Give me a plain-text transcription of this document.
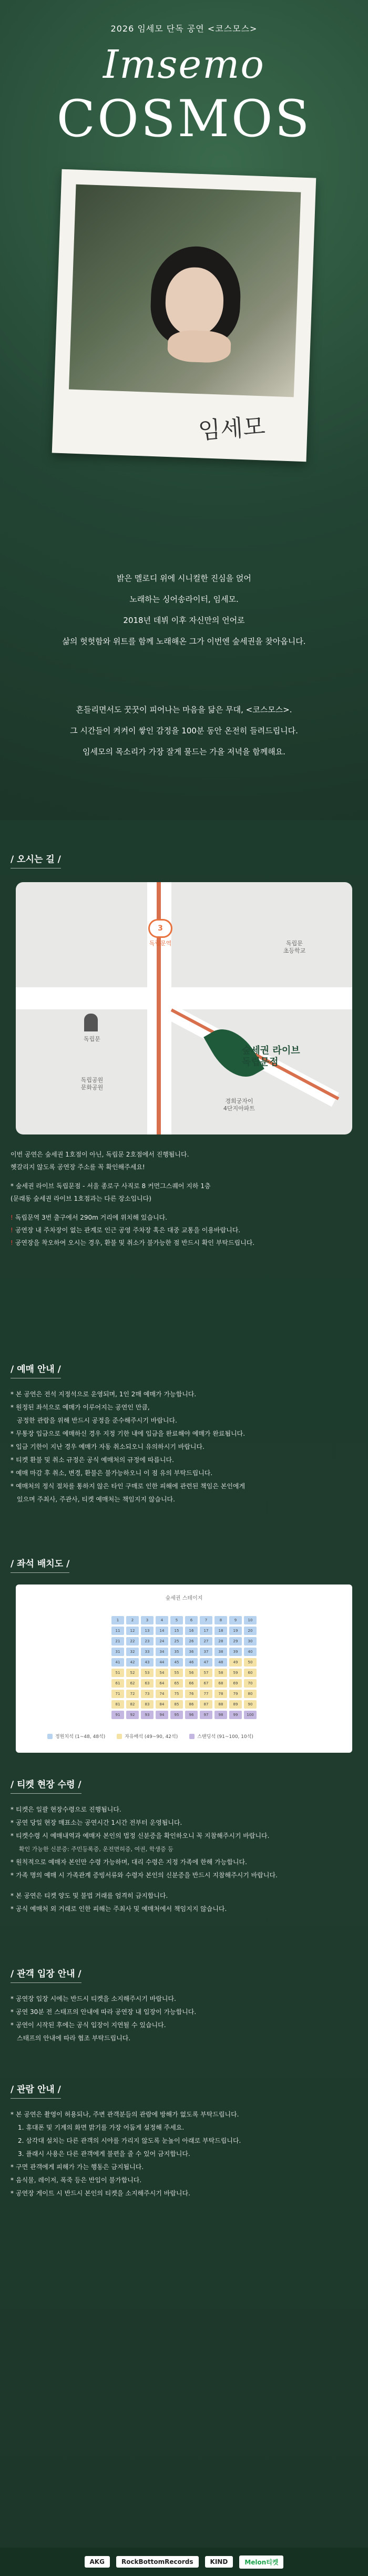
2026 임세모 단독 공연 <코스모스>
Imsemo
COSMOS
임세모
밝은 멜로디 위에 시니컬한 진심을 얹어
노래하는 싱어송라이터, 임세모.
2018년 데뷔 이후 자신만의 언어로
삶의 헛헛함와 위트를 함께 노래해온 그가 이번엔 숲세권을 찾아옵니다.
흔들리면서도 꿋꿋이 피어나는 마음을 닮은 무대, <코스모스>.
그 시간들이 켜켜이 쌓인 감정을 100분 동안 온전히 들려드립니다.
임세모의 목소리가 가장 잘게 물드는 가을 저녁을 함께해요.
/ 오시는 길 /
3
독립문역
독립문
독립공원
문화공원
독립문
초등학교
경희궁자이
4단지아파트
숲세권 라이브
독립문점
이번 공연은 숲세권 1호점이 아닌, 독립문 2호점에서 진행됩니다.
헷갈리지 않도록 공연장 주소를 꼭 확인해주세요!
* 숲세권 라이브 독립문점 - 서울 종로구 사직로 8 커먼그스퀘어 지하 1층
(문래동 숲세권 라이브 1호점과는 다른 장소입니다)
! 독립문역 3번 출구에서 290m 거리에 위치해 있습니다.
! 공연장 내 주차장이 없는 관계로 인근 공영 주차장 혹은 대중 교통을 이용바랍니다.
! 공연장을 착오하여 오시는 경우, 환불 및 취소가 불가능한 점 반드시 확인 부탁드립니다.
/ 예매 안내 /
* 본 공연은 전석 지정석으로 운영되며, 1인 2매 예매가 가능합니다.
* 원정된 좌석으로 예매가 이루어지는 공연인 만큼,
공정한 관람을 위해 반드시 공정을 준수해주시기 바랍니다.
* 무통장 입금으로 예매하신 경우 지정 기한 내에 입금을 완료해야 예매가 완료됩니다.
* 입금 기한이 지난 경우 예매가 자동 취소되오니 유의하시기 바랍니다.
* 티켓 환불 및 취소 규정은 공식 예매처의 규정에 따릅니다.
* 예매 마감 후 취소, 변경, 환불은 불가능하오니 이 점 유의 부탁드립니다.
* 예매처의 정식 절차를 통하지 않은 타인 구매로 인한 피해에 관련된 책임은 본인에게
있으며 주최사, 주관사, 티켓 예매처는 책임지지 않습니다.
/ 좌석 배치도 /
숲세권 스테이지
1	2	3	4	5	6	7	8	9	10
11	12	13	14	15	16	17	18	19	20
21	22	23	24	25	26	27	28	29	30
31	32	33	34	35	36	37	38	39	40
41	42	43	44	45	46	47	48	49	50
51	52	53	54	55	56	57	58	59	60
61	62	63	64	65	66	67	68	69	70
71	72	73	74	75	76	77	78	79	80
81	82	83	84	85	86	87	88	89	90
91	92	93	94	95	96	97	98	99	100
정원치석 (1~48, 48석)	자유배석 (49~90, 42석)	스탠딩석 (91~100, 10석)
/ 티켓 현장 수령 /
* 티켓은 일괄 현장수령으로 진행됩니다.
* 공연 당일 현장 매표소는 공연시간 1시간 전부터 운영됩니다.
* 티켓수령 시 예매내역과 예매자 본인의 법정 신분증을 확인하오니 꼭 지참해주시기 바랍니다.
확인 가능한 신분증: 주민등록증, 운전면허증, 여권, 학생증 등
* 원칙적으로 예매자 본인만 수령 가능하며, 대리 수령은 지정 가족에 한해 가능합니다.
* 가족 명의 예매 시 가족관계 증빙서류와 수령자 본인의 신분증을 반드시 지참해주시기 바랍니다.
* 본 공연은 티켓 양도 및 불법 거래를 엄격히 금지합니다.
* 공식 예매처 외 거래로 인한 피해는 주최사 및 예매처에서 책임지지 않습니다.
/ 관객 입장 안내 /
* 공연장 입장 시에는 반드시 티켓을 소지해주시기 바랍니다.
* 공연 30분 전 스태프의 안내에 따라 공연장 내 입장이 가능합니다.
* 공연이 시작된 후에는 공식 입장이 지연될 수 있습니다.
스태프의 안내에 따라 협조 부탁드립니다.
/ 관람 안내 /
* 본 공연은 촬영이 허용되나, 주변 관객분들의 관람에 방해가 없도록 부탁드립니다.
1. 휴대폰 및 기계의 화면 밝기를 가장 어둡게 설정해 주세요.
2. 삼각대 설치는 다른 관객의 시야를 가리지 않도록 눈높이 아래로 부탁드립니다.
3. 플래시 사용은 다른 관객에게 불편을 줄 수 있어 금지합니다.
* 구면 관객에게 피해가 가는 행동은 금지됩니다.
* 음식물, 레이저, 폭죽 등은 반입이 불가합니다.
* 공연장 게이트 시 반드시 본인의 티켓을 소지해주시기 바랍니다.
AKG	RockBottomRecords	KIND	Melon티켓
